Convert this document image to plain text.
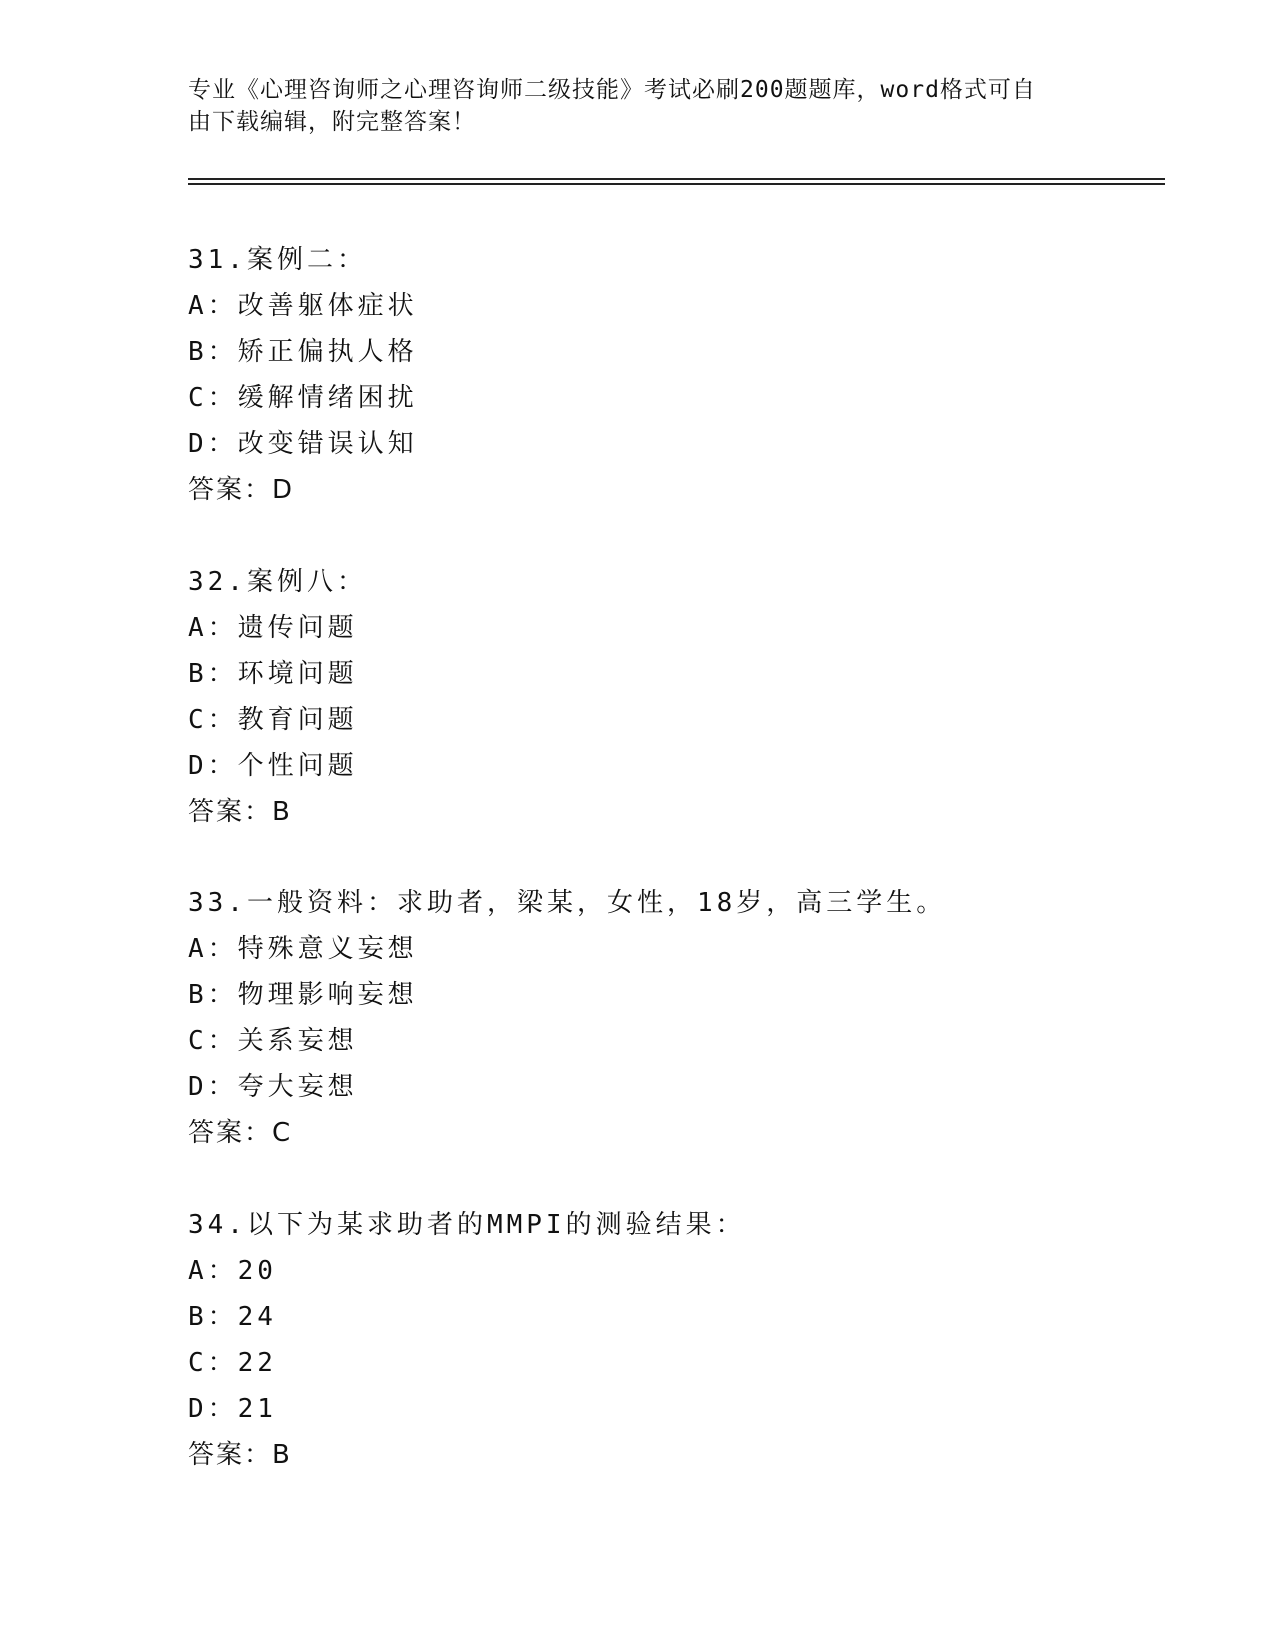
专业《心理咨询师之心理咨询师二级技能》考试必刷200题题库，word格式可自
由下载编辑，附完整答案！
31.案例二：
A：改善躯体症状
B：矫正偏执人格
C：缓解情绪困扰
D：改变错误认知
答案：D
32.案例八：
A：遗传问题
B：环境问题
C：教育问题
D：个性问题
答案：B
33.一般资料：求助者，梁某，女性，18岁，高三学生。
A：特殊意义妄想
B：物理影响妄想
C：关系妄想
D：夸大妄想
答案：C
34.以下为某求助者的MMPI的测验结果：
A：20
B：24
C：22
D：21
答案：B
